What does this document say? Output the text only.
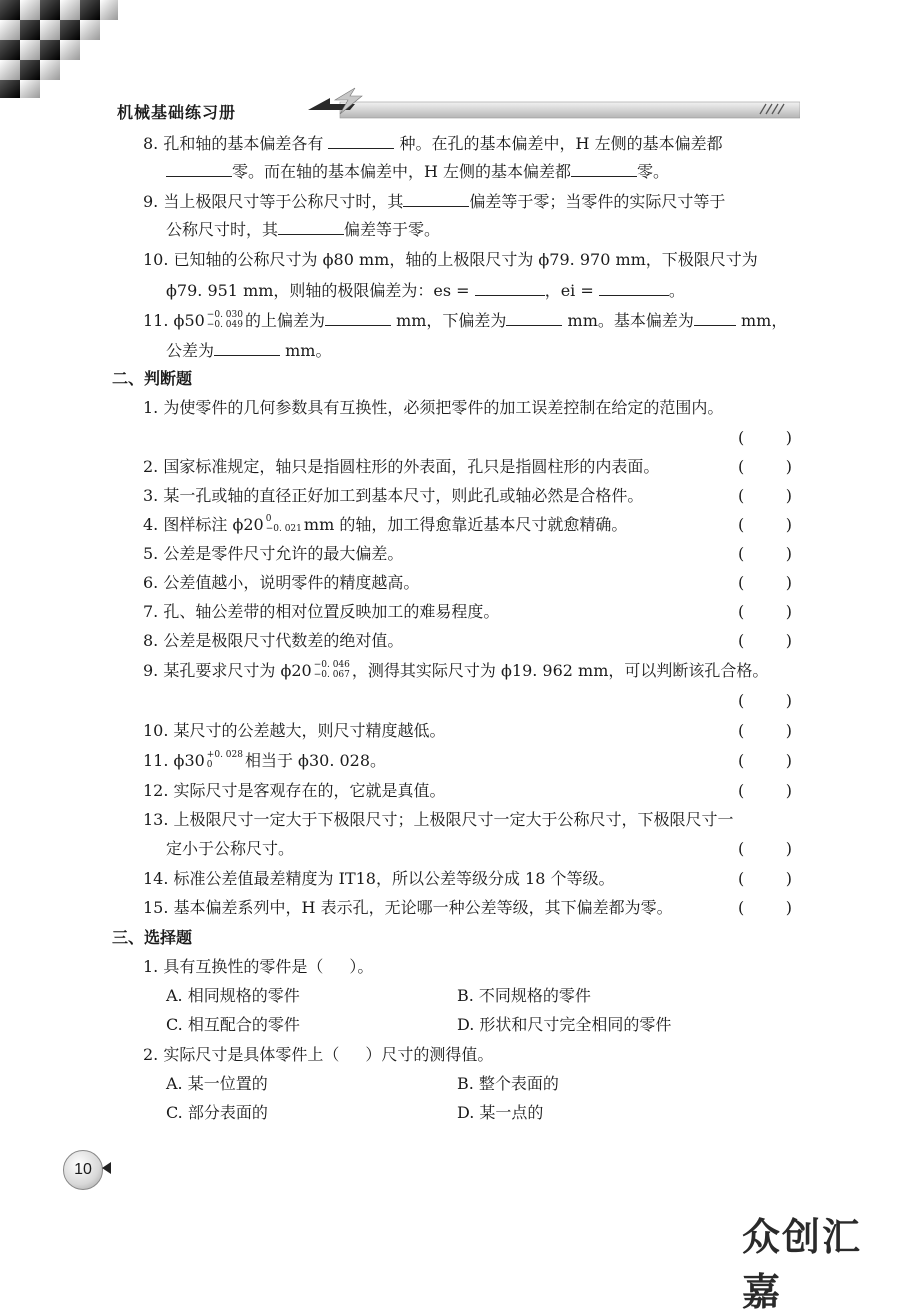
机械基础练习册
8. 孔和轴的基本偏差各有	种。在孔的基本偏差中，H 左侧的基本偏差都
零。而在轴的基本偏差中，H 左侧的基本偏差都	零。
9. 当上极限尺寸等于公称尺寸时，其	偏差等于零；当零件的实际尺寸等于
公称尺寸时，其	偏差等于零。
10. 已知轴的公称尺寸为 ϕ80 mm，轴的上极限尺寸为 ϕ79. 970 mm，下极限尺寸为
ϕ79. 951 mm，则轴的极限偏差为：es =	，ei =	。
11. ϕ50 −0. 030
−0. 049 的上偏差为	mm，下偏差为	mm。基本偏差为	mm，
公差为	mm。
二、判断题
1. 为使零件的几何参数具有互换性，必须把零件的加工误差控制在给定的范围内。
(	)
2. 国家标准规定，轴只是指圆柱形的外表面，孔只是指圆柱形的内表面。	(	)
3. 某一孔或轴的直径正好加工到基本尺寸，则此孔或轴必然是合格件。	(	)
4. 图样标注 ϕ20 0
−0. 021 mm 的轴，加工得愈靠近基本尺寸就愈精确。	(	)
5. 公差是零件尺寸允许的最大偏差。	(	)
6. 公差值越小，说明零件的精度越高。	(	)
7. 孔、轴公差带的相对位置反映加工的难易程度。	(	)
8. 公差是极限尺寸代数差的绝对值。	(	)
9. 某孔要求尺寸为 ϕ20 −0. 046
−0. 067 ，测得其实际尺寸为 ϕ19. 962 mm，可以判断该孔合格。
(	)
10. 某尺寸的公差越大，则尺寸精度越低。	(	)
11. ϕ30 +0. 028
0	相当于 ϕ30. 028。	(	)
12. 实际尺寸是客观存在的，它就是真值。	(	)
13. 上极限尺寸一定大于下极限尺寸；上极限尺寸一定大于公称尺寸，下极限尺寸一
定小于公称尺寸。	(	)
14. 标准公差值最差精度为 IT18，所以公差等级分成 18 个等级。	(	)
15. 基本偏差系列中，H 表示孔，无论哪一种公差等级，其下偏差都为零。	(	)
三、选择题
1. 具有互换性的零件是（ ）。
A. 相同规格的零件	B. 不同规格的零件
C. 相互配合的零件	D. 形状和尺寸完全相同的零件
2. 实际尺寸是具体零件上（ ）尺寸的测得值。
A. 某一位置的	B. 整个表面的
C. 部分表面的	D. 某一点的
10
众创汇嘉
